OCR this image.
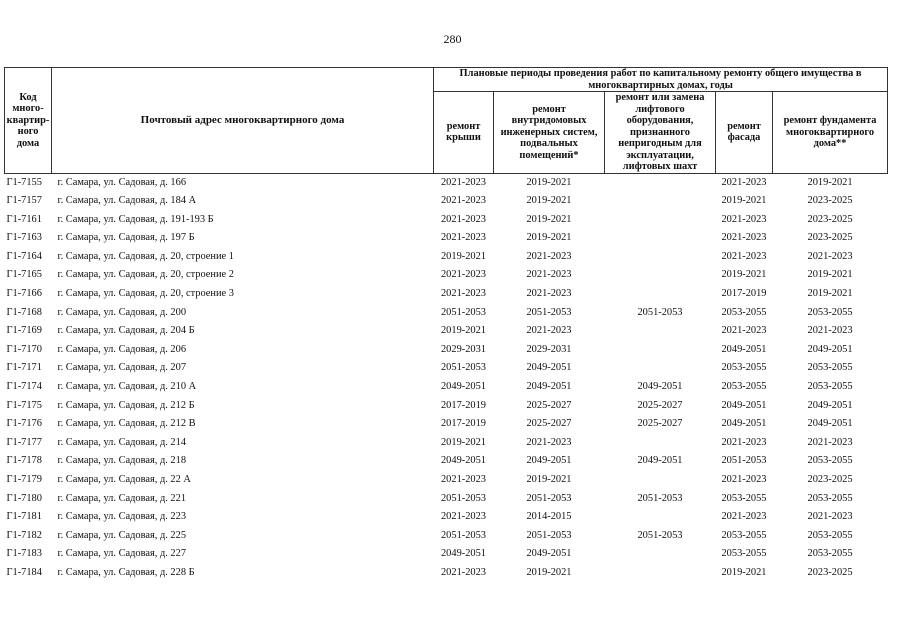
280
Код много-квартир-ного дома	Почтовый адрес многоквартирного дома	Плановые периоды проведения работ по капитальному ремонту общего имущества в многоквартирных домах, годы				
		ремонт крыши	ремонт внутридомовых инженерных систем, подвальных помещений*	ремонт или замена лифтового оборудования, признанного непригодным для эксплуатации, лифтовых шахт	ремонт фасада	ремонт фундамента многоквартирного дома**
Г1-7155	г. Самара, ул. Садовая, д. 166	2021-2023	2019-2021		2021-2023	2019-2021
Г1-7157	г. Самара, ул. Садовая, д. 184 А	2021-2023	2019-2021		2019-2021	2023-2025
Г1-7161	г. Самара, ул. Садовая, д. 191-193 Б	2021-2023	2019-2021		2021-2023	2023-2025
Г1-7163	г. Самара, ул. Садовая, д. 197 Б	2021-2023	2019-2021		2021-2023	2023-2025
Г1-7164	г. Самара, ул. Садовая, д. 20, строение 1	2019-2021	2021-2023		2021-2023	2021-2023
Г1-7165	г. Самара, ул. Садовая, д. 20, строение 2	2021-2023	2021-2023		2019-2021	2019-2021
Г1-7166	г. Самара, ул. Садовая, д. 20, строение 3	2021-2023	2021-2023		2017-2019	2019-2021
Г1-7168	г. Самара, ул. Садовая, д. 200	2051-2053	2051-2053	2051-2053	2053-2055	2053-2055
Г1-7169	г. Самара, ул. Садовая, д. 204 Б	2019-2021	2021-2023		2021-2023	2021-2023
Г1-7170	г. Самара, ул. Садовая, д. 206	2029-2031	2029-2031		2049-2051	2049-2051
Г1-7171	г. Самара, ул. Садовая, д. 207	2051-2053	2049-2051		2053-2055	2053-2055
Г1-7174	г. Самара, ул. Садовая, д. 210 А	2049-2051	2049-2051	2049-2051	2053-2055	2053-2055
Г1-7175	г. Самара, ул. Садовая, д. 212 Б	2017-2019	2025-2027	2025-2027	2049-2051	2049-2051
Г1-7176	г. Самара, ул. Садовая, д. 212 В	2017-2019	2025-2027	2025-2027	2049-2051	2049-2051
Г1-7177	г. Самара, ул. Садовая, д. 214	2019-2021	2021-2023		2021-2023	2021-2023
Г1-7178	г. Самара, ул. Садовая, д. 218	2049-2051	2049-2051	2049-2051	2051-2053	2053-2055
Г1-7179	г. Самара, ул. Садовая, д. 22 А	2021-2023	2019-2021		2021-2023	2023-2025
Г1-7180	г. Самара, ул. Садовая, д. 221	2051-2053	2051-2053	2051-2053	2053-2055	2053-2055
Г1-7181	г. Самара, ул. Садовая, д. 223	2021-2023	2014-2015		2021-2023	2021-2023
Г1-7182	г. Самара, ул. Садовая, д. 225	2051-2053	2051-2053	2051-2053	2053-2055	2053-2055
Г1-7183	г. Самара, ул. Садовая, д. 227	2049-2051	2049-2051		2053-2055	2053-2055
Г1-7184	г. Самара, ул. Садовая, д. 228 Б	2021-2023	2019-2021		2019-2021	2023-2025
